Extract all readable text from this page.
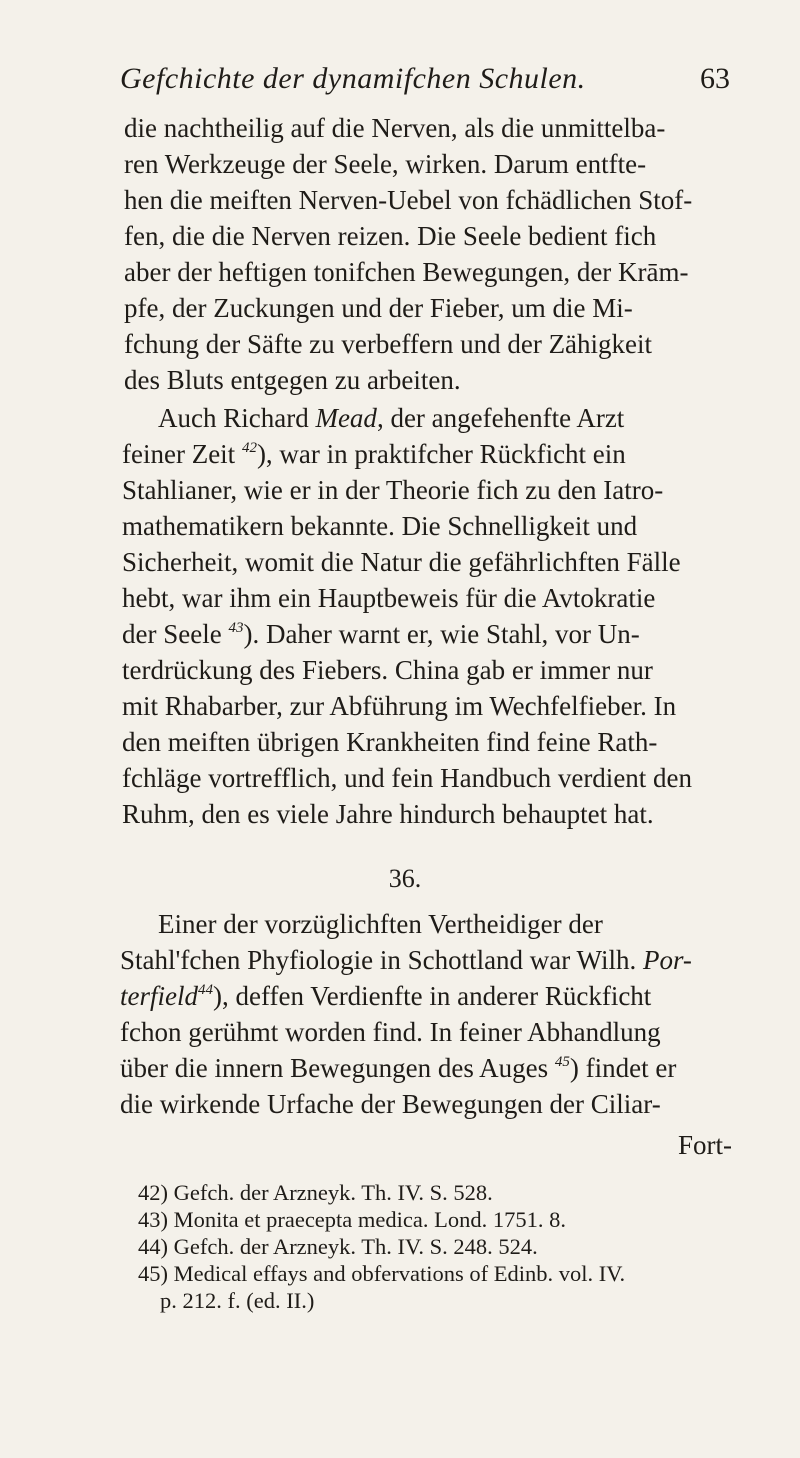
Gefchichte der dynamifchen Schulen.	63
die nachtheilig auf die Nerven, als die unmittelba-
ren Werkzeuge der Seele, wirken. Darum entfte-
hen die meiften Nerven-Uebel von fchädlichen Stof-
fen, die die Nerven reizen. Die Seele bedient fich
aber der heftigen tonifchen Bewegungen, der Krām-
pfe, der Zuckungen und der Fieber, um die Mi-
fchung der Säfte zu verbeffern und der Zähigkeit
des Bluts entgegen zu arbeiten.
Auch Richard Mead, der angefehenfte Arzt
feiner Zeit $^{42}$), war in praktifcher Rückficht ein
Stahlianer, wie er in der Theorie fich zu den Iatro-
mathematikern bekannte. Die Schnelligkeit und
Sicherheit, womit die Natur die gefährlichften Fälle
hebt, war ihm ein Hauptbeweis für die Avtokratie
der Seele $^{43}$). Daher warnt er, wie Stahl, vor Un-
terdrückung des Fiebers. China gab er immer nur
mit Rhabarber, zur Abführung im Wechfelfieber. In
den meiften übrigen Krankheiten find feine Rath-
fchläge vortrefflich, und fein Handbuch verdient den
Ruhm, den es viele Jahre hindurch behauptet hat.
36.
Einer der vorzüglichften Vertheidiger der
Stahl'fchen Phyfiologie in Schottland war Wilh. Por-
terfield$^{44}$), deffen Verdienfte in anderer Rückficht
fchon gerühmt worden find. In feiner Abhandlung
über die innern Bewegungen des Auges $^{45}$) findet er
die wirkende Urfache der Bewegungen der Ciliar-
Fort-
42) Gefch. der Arzneyk. Th. IV. S. 528.
43) Monita et praecepta medica. Lond. 1751. 8.
44) Gefch. der Arzneyk. Th. IV. S. 248. 524.
45) Medical effays and obfervations of Edinb. vol. IV.
p. 212. f. (ed. II.)
